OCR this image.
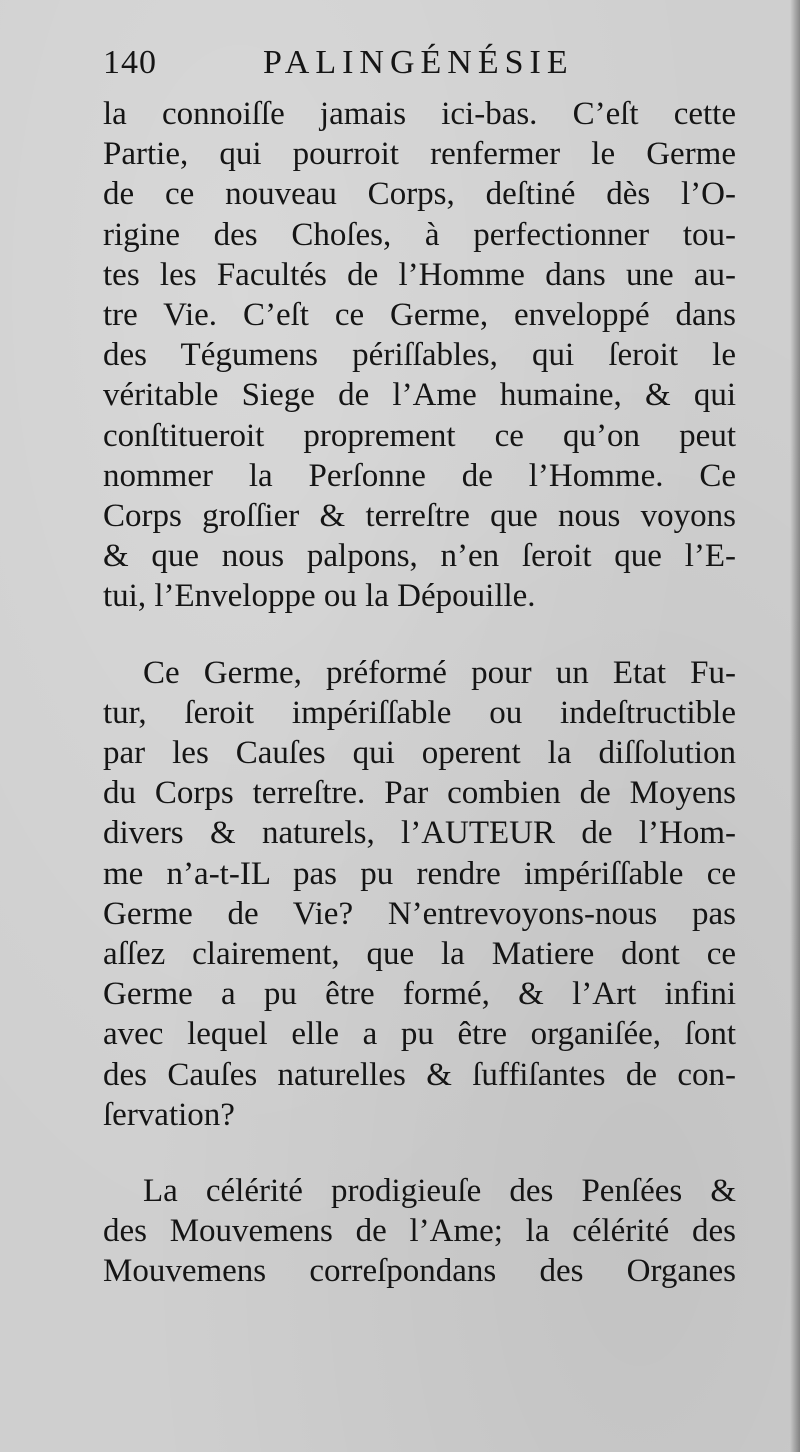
140	PALINGÉNÉSIE
la connoiſſe jamais ici-bas. C’eſt cette
Partie, qui pourroit renfermer le Germe
de ce nouveau Corps, deſtiné dès l’O-
rigine des Choſes, à perfectionner tou-
tes les Facultés de l’Homme dans une au-
tre Vie. C’eſt ce Germe, enveloppé dans
des Tégumens périſſables, qui ſeroit le
véritable Siege de l’Ame humaine, & qui
conſtitueroit proprement ce qu’on peut
nommer la Perſonne de l’Homme. Ce
Corps groſſier & terreſtre que nous voyons
& que nous palpons, n’en ſeroit que l’E-
tui, l’Enveloppe ou la Dépouille.
Ce Germe, préformé pour un Etat Fu-
tur, ſeroit impériſſable ou indeſtructible
par les Cauſes qui operent la diſſolution
du Corps terreſtre. Par combien de Moyens
divers & naturels, l’AUTEUR de l’Hom-
me n’a-t-IL pas pu rendre impériſſable ce
Germe de Vie? N’entrevoyons-nous pas
aſſez clairement, que la Matiere dont ce
Germe a pu être formé, & l’Art infini
avec lequel elle a pu être organiſée, ſont
des Cauſes naturelles & ſuffiſantes de con-
ſervation?
La célérité prodigieuſe des Penſées &
des Mouvemens de l’Ame; la célérité des
Mouvemens correſpondans des Organes
